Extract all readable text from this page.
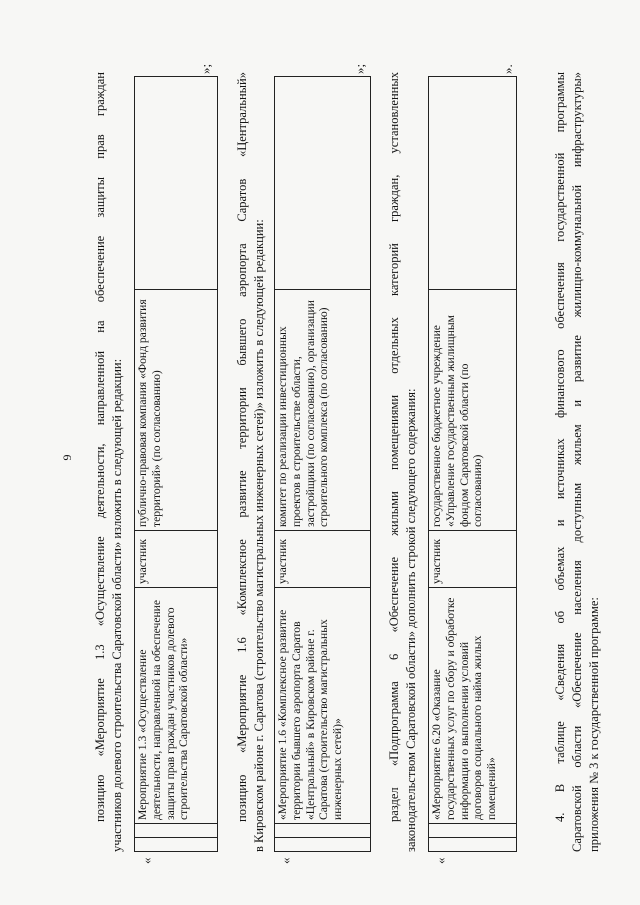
9 позицию «Мероприятие 1.3 «Осуществление деятельности, направленной на обеспечение защиты прав граждан участников долевого строительства Саратовской области» изложить в следующей редакции:
«
		Мероприятие 1.3 «Осуществление деятельности, направленной на обеспечение защиты прав граждан участников долевого строительства Саратовской области»	участник	публично-правовая компания «Фонд развития территорий» (по согласованию)	
»;
позицию «Мероприятие 1.6 «Комплексное развитие территории бывшего аэропорта Саратов «Центральный» в Кировском районе г. Саратова (строительство магистральных инженерных сетей)» изложить в следующей редакции:
«
		«Мероприятие 1.6 «Комплексное развитие территории бывшего аэропорта Саратов «Центральный» в Кировском районе г. Саратова (строительство магистральных инженерных сетей)»	участник	комитет по реализации инвестиционных проектов в строительстве области, застройщики (по согласованию), организации строительного комплекса (по согласованию)	
»;
раздел «Подпрограмма 6 «Обеспечение жилыми помещениями отдельных категорий граждан, установленных законодательством Саратовской области» дополнить строкой следующего содержания:
«
		«Мероприятие 6.20 «Оказание государственных услуг по сбору и обработке информации о выполнении условий договоров социального найма жилых помещений»	участник	государственное бюджетное учреждение «Управление государственным жилищным фондом Саратовской области (по согласованию)	
».
4. В таблице «Сведения об объемах и источниках финансового обеспечения государственной программы Саратовской области «Обеспечение населения доступным жильем и развитие жилищно-коммунальной инфраструктуры» приложения № 3 к государственной программе:
